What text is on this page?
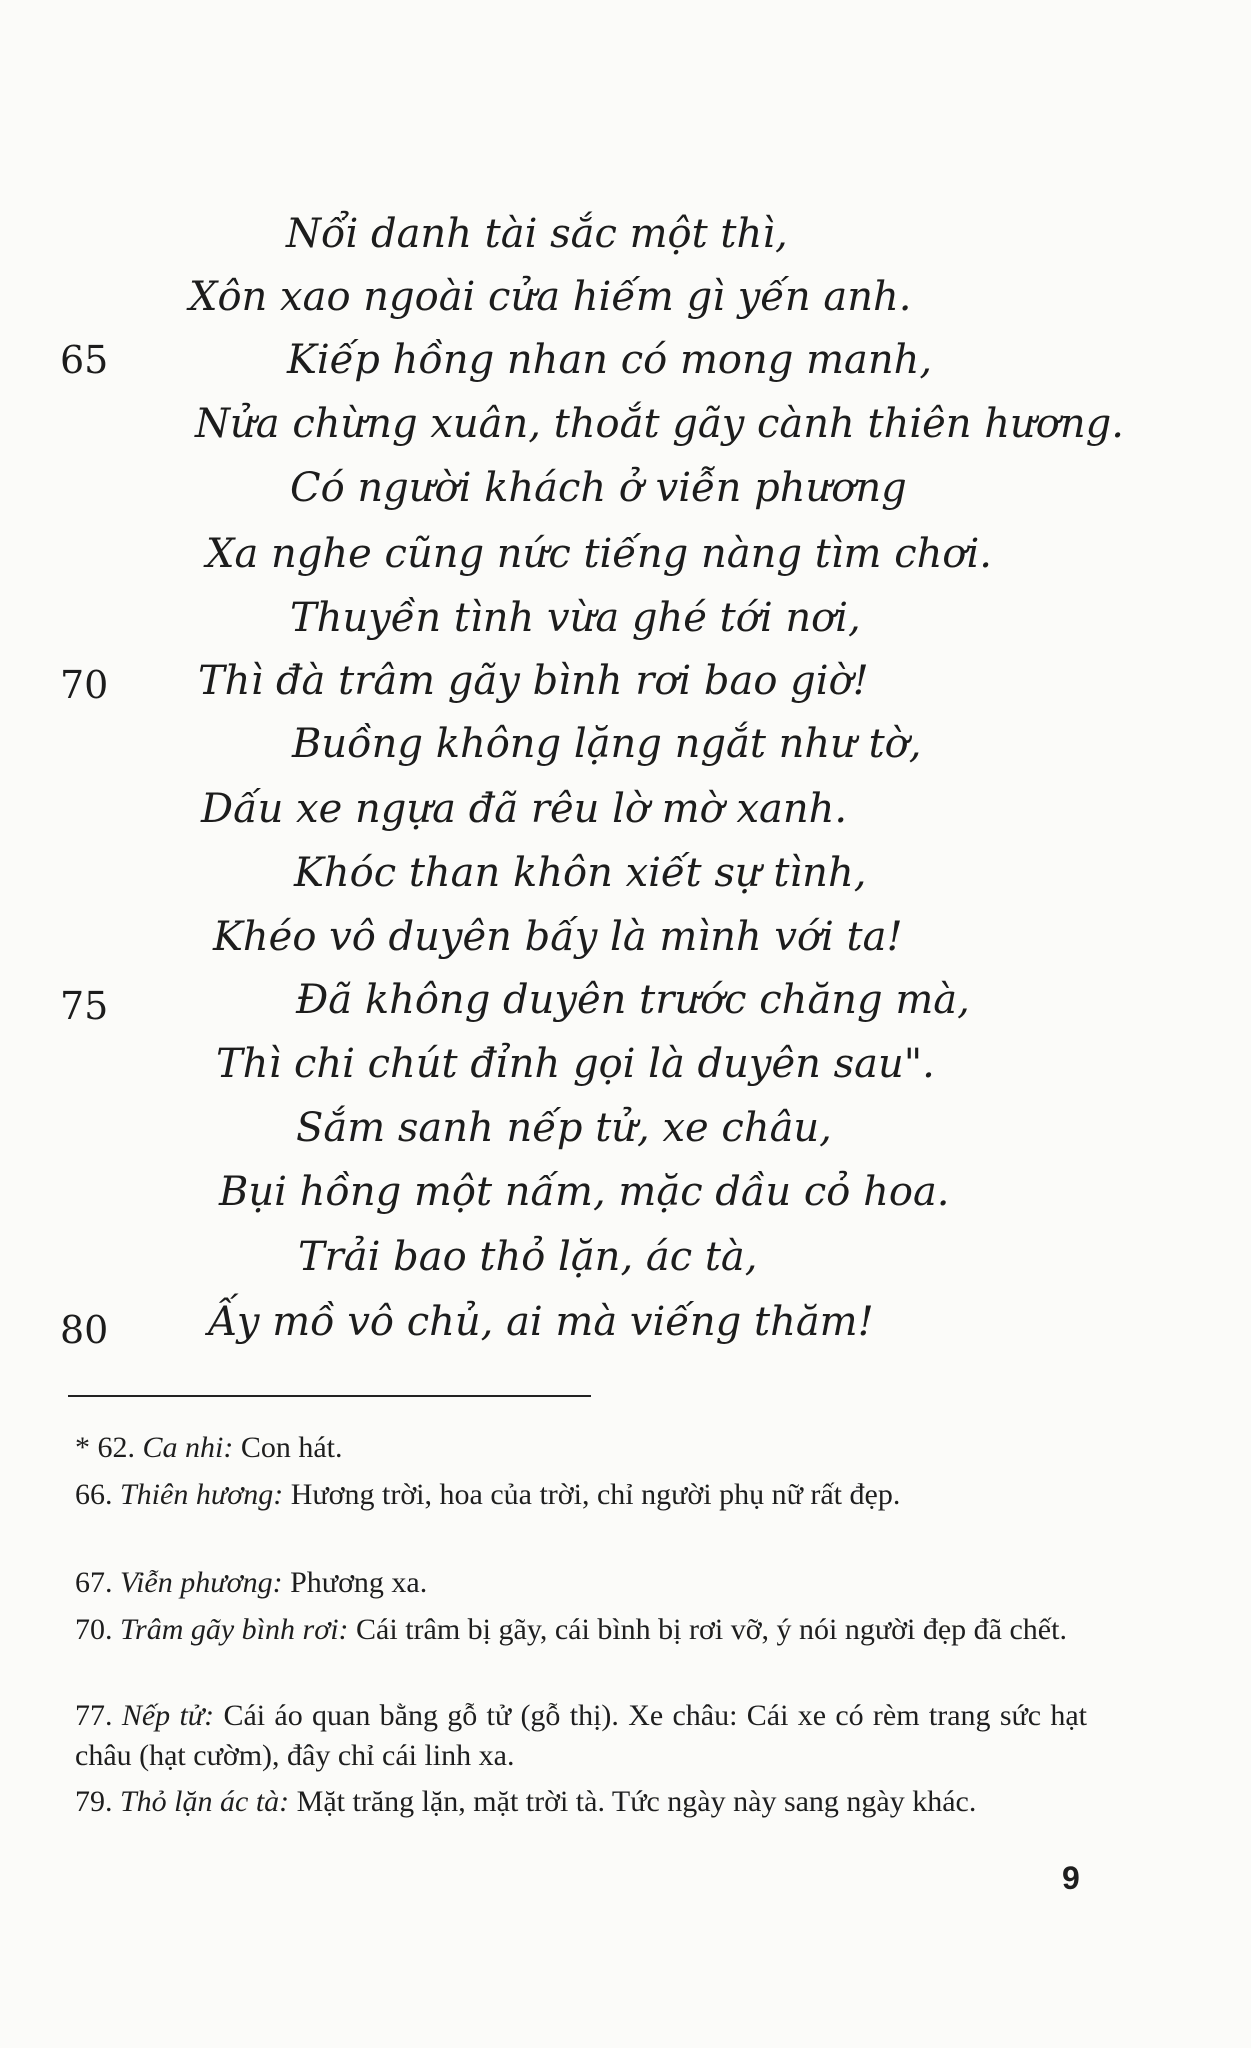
Nổi danh tài sắc một thì,
Xôn xao ngoài cửa hiếm gì yến anh.
Kiếp hồng nhan có mong manh,
Nửa chừng xuân, thoắt gãy cành thiên hương.
Có người khách ở viễn phương
Xa nghe cũng nức tiếng nàng tìm chơi.
Thuyền tình vừa ghé tới nơi,
Thì đà trâm gãy bình rơi bao giờ!
Buồng không lặng ngắt như tờ,
Dấu xe ngựa đã rêu lờ mờ xanh.
Khóc than khôn xiết sự tình,
Khéo vô duyên bấy là mình với ta!
Đã không duyên trước chăng mà,
Thì chi chút đỉnh gọi là duyên sau".
Sắm sanh nếp tử, xe châu,
Bụi hồng một nấm, mặc dầu cỏ hoa.
Trải bao thỏ lặn, ác tà,
Ấy mồ vô chủ, ai mà viếng thăm!
65
70
75
80
* 62. Ca nhi: Con hát.
66. Thiên hương: Hương trời, hoa của trời, chỉ người phụ nữ rất đẹp.
67. Viễn phương: Phương xa.
70. Trâm gãy bình rơi: Cái trâm bị gãy, cái bình bị rơi vỡ, ý nói người đẹp đã chết.
77. Nếp tử: Cái áo quan bằng gỗ tử (gỗ thị). Xe châu: Cái xe có rèm trang sức hạt châu (hạt cườm), đây chỉ cái linh xa.
79. Thỏ lặn ác tà: Mặt trăng lặn, mặt trời tà. Tức ngày này sang ngày khác.
9
